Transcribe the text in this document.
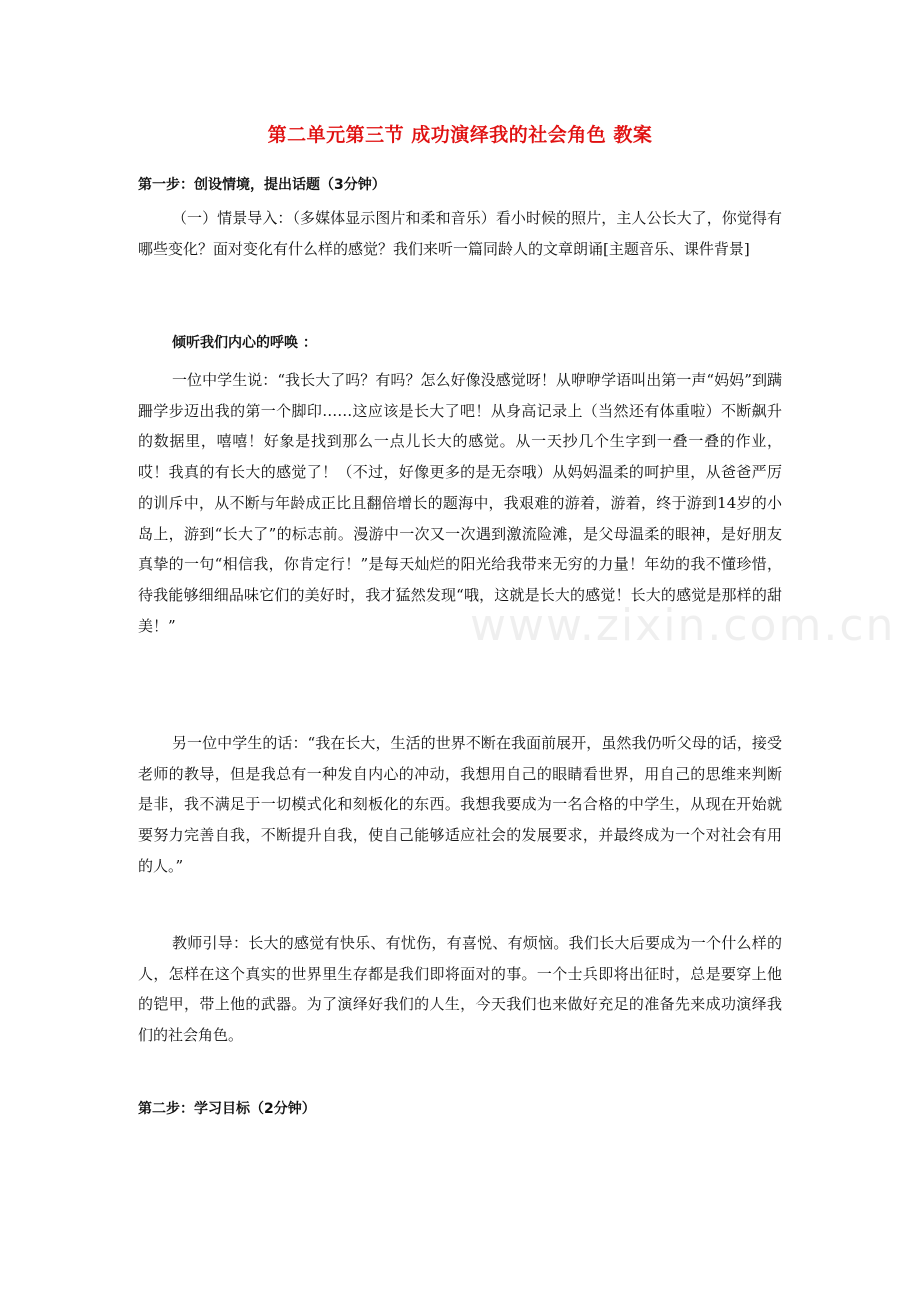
第二单元第三节 成功演绎我的社会角色 教案
第一步：创设情境，提出话题（3分钟）

（一）情景导入：（多媒体显示图片和柔和音乐）看小时候的照片，主人公长大了，你觉得有哪些变化？面对变化有什么样的感觉？我们来听一篇同龄人的文章朗诵[主题音乐、课件背景]

倾听我们内心的呼唤 ：

一位中学生说：“我长大了吗？有吗？怎么好像没感觉呀！从咿咿学语叫出第一声“妈妈”到蹒跚学步迈出我的第一个脚印……这应该是长大了吧！从身高记录上（当然还有体重啦）不断飙升的数据里，嘻嘻！好象是找到那么一点儿长大的感觉。从一天抄几个生字到一叠一叠的作业，哎！我真的有长大的感觉了！（不过，好像更多的是无奈哦）从妈妈温柔的呵护里，从爸爸严厉的训斥中，从不断与年龄成正比且翻倍增长的题海中，我艰难的游着，游着，终于游到14岁的小岛上，游到“长大了”的标志前。漫游中一次又一次遇到激流险滩，是父母温柔的眼神，是好朋友真挚的一句“相信我，你肯定行！”是每天灿烂的阳光给我带来无穷的力量！年幼的我不懂珍惜，待我能够细细品味它们的美好时，我才猛然发现“哦，这就是长大的感觉！长大的感觉是那样的甜美！”

另一位中学生的话：“我在长大，生活的世界不断在我面前展开，虽然我仍听父母的话，接受老师的教导，但是我总有一种发自内心的冲动，我想用自己的眼睛看世界，用自己的思维来判断是非，我不满足于一切模式化和刻板化的东西。我想我要成为一名合格的中学生，从现在开始就要努力完善自我，不断提升自我，使自己能够适应社会的发展要求，并最终成为一个对社会有用的人。”

教师引导：长大的感觉有快乐、有忧伤，有喜悦、有烦恼。我们长大后要成为一个什么样的人，怎样在这个真实的世界里生存都是我们即将面对的事。一个士兵即将出征时，总是要穿上他的铠甲，带上他的武器。为了演绎好我们的人生，今天我们也来做好充足的准备先来成功演绎我们的社会角色。

第二步：学习目标（2分钟）
www.zixin.com.cn
